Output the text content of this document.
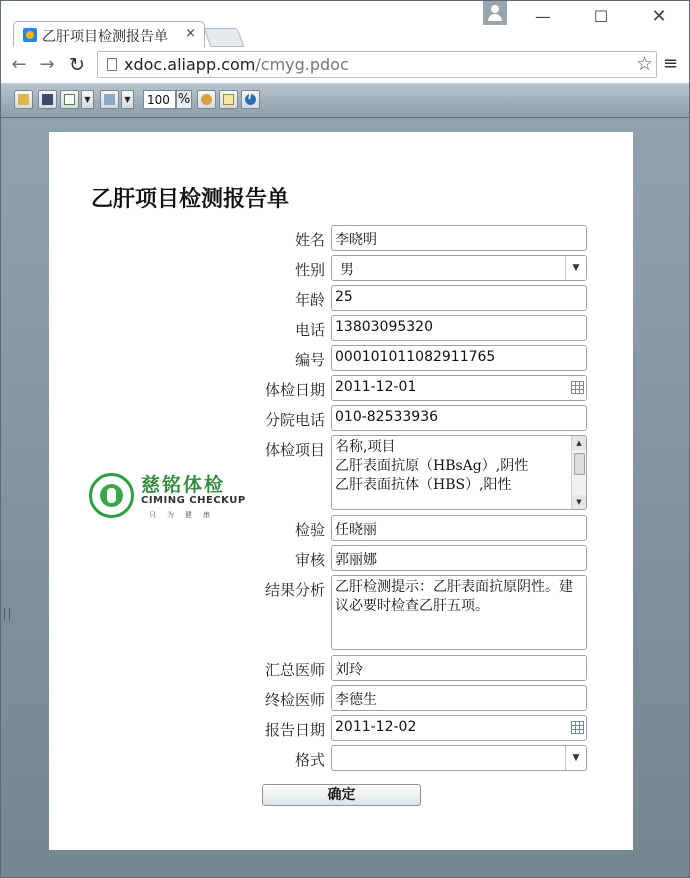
乙肝项目检测报告单 ×
—	☐	✕
← → ↻ xdoc.aliapp.com/cmyg.pdoc	☆ ≡
▼	▼	100 %
i
乙肝项目检测报告单
慈铭体检
CIMING CHECKUP
只为健康
姓名 李晓明
性别	男	▼
年龄 25
电话 13803095320
编号 000101011082911765
体检日期 2011-12-01
分院电话 010-82533936
体检项目 名称,项目
乙肝表面抗原（HBsAg）,阴性
乙肝表面抗体（HBS）,阳性
▲
▼
检验 任晓丽
审核 郭丽娜
结果分析 乙肝检测提示：乙肝表面抗原阴性。建议必要时检查乙肝五项。
汇总医师 刘玲
终检医师 李德生
报告日期 2011-12-02
格式	▼
确定
